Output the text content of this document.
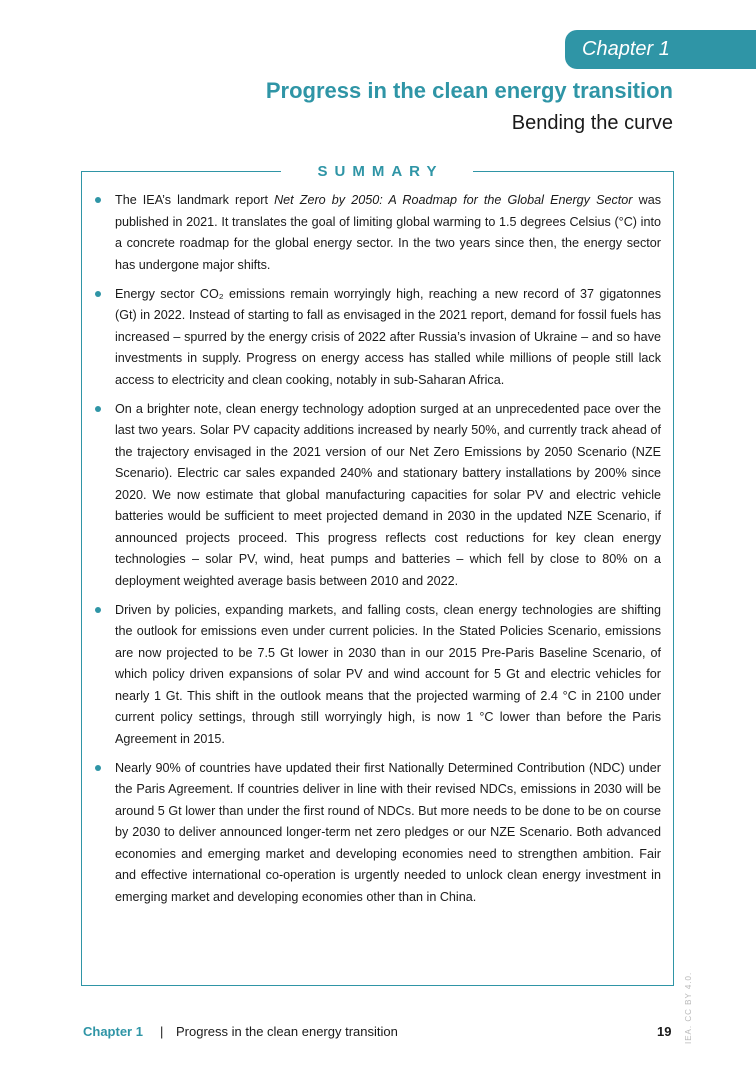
Chapter 1
Progress in the clean energy transition
Bending the curve
SUMMARY
The IEA’s landmark report Net Zero by 2050: A Roadmap for the Global Energy Sector was published in 2021. It translates the goal of limiting global warming to 1.5 degrees Celsius (°C) into a concrete roadmap for the global energy sector. In the two years since then, the energy sector has undergone major shifts.
Energy sector CO₂ emissions remain worryingly high, reaching a new record of 37 gigatonnes (Gt) in 2022. Instead of starting to fall as envisaged in the 2021 report, demand for fossil fuels has increased – spurred by the energy crisis of 2022 after Russia’s invasion of Ukraine – and so have investments in supply. Progress on energy access has stalled while millions of people still lack access to electricity and clean cooking, notably in sub-Saharan Africa.
On a brighter note, clean energy technology adoption surged at an unprecedented pace over the last two years. Solar PV capacity additions increased by nearly 50%, and currently track ahead of the trajectory envisaged in the 2021 version of our Net Zero Emissions by 2050 Scenario (NZE Scenario). Electric car sales expanded 240% and stationary battery installations by 200% since 2020. We now estimate that global manufacturing capacities for solar PV and electric vehicle batteries would be sufficient to meet projected demand in 2030 in the updated NZE Scenario, if announced projects proceed. This progress reflects cost reductions for key clean energy technologies – solar PV, wind, heat pumps and batteries – which fell by close to 80% on a deployment weighted average basis between 2010 and 2022.
Driven by policies, expanding markets, and falling costs, clean energy technologies are shifting the outlook for emissions even under current policies. In the Stated Policies Scenario, emissions are now projected to be 7.5 Gt lower in 2030 than in our 2015 Pre-Paris Baseline Scenario, of which policy driven expansions of solar PV and wind account for 5 Gt and electric vehicles for nearly 1 Gt. This shift in the outlook means that the projected warming of 2.4 °C in 2100 under current policy settings, through still worryingly high, is now 1 °C lower than before the Paris Agreement in 2015.
Nearly 90% of countries have updated their first Nationally Determined Contribution (NDC) under the Paris Agreement. If countries deliver in line with their revised NDCs, emissions in 2030 will be around 5 Gt lower than under the first round of NDCs. But more needs to be done to be on course by 2030 to deliver announced longer-term net zero pledges or our NZE Scenario. Both advanced economies and emerging market and developing economies need to strengthen ambition. Fair and effective international co-operation is urgently needed to unlock clean energy investment in emerging market and developing economies other than in China.
Chapter 1 | Progress in the clean energy transition	19 IEA. CC BY 4.0.
